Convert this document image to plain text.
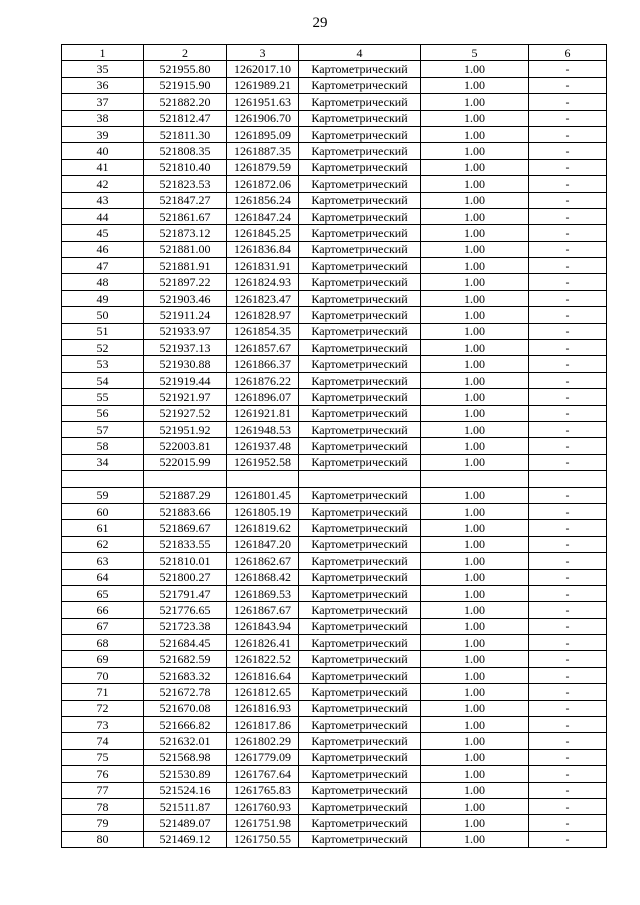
29
1	2	3	4	5	6
35	521955.80	1262017.10	Картометрический	1.00	-
36	521915.90	1261989.21	Картометрический	1.00	-
37	521882.20	1261951.63	Картометрический	1.00	-
38	521812.47	1261906.70	Картометрический	1.00	-
39	521811.30	1261895.09	Картометрический	1.00	-
40	521808.35	1261887.35	Картометрический	1.00	-
41	521810.40	1261879.59	Картометрический	1.00	-
42	521823.53	1261872.06	Картометрический	1.00	-
43	521847.27	1261856.24	Картометрический	1.00	-
44	521861.67	1261847.24	Картометрический	1.00	-
45	521873.12	1261845.25	Картометрический	1.00	-
46	521881.00	1261836.84	Картометрический	1.00	-
47	521881.91	1261831.91	Картометрический	1.00	-
48	521897.22	1261824.93	Картометрический	1.00	-
49	521903.46	1261823.47	Картометрический	1.00	-
50	521911.24	1261828.97	Картометрический	1.00	-
51	521933.97	1261854.35	Картометрический	1.00	-
52	521937.13	1261857.67	Картометрический	1.00	-
53	521930.88	1261866.37	Картометрический	1.00	-
54	521919.44	1261876.22	Картометрический	1.00	-
55	521921.97	1261896.07	Картометрический	1.00	-
56	521927.52	1261921.81	Картометрический	1.00	-
57	521951.92	1261948.53	Картометрический	1.00	-
58	522003.81	1261937.48	Картометрический	1.00	-
34	522015.99	1261952.58	Картометрический	1.00	-

59	521887.29	1261801.45	Картометрический	1.00	-
60	521883.66	1261805.19	Картометрический	1.00	-
61	521869.67	1261819.62	Картометрический	1.00	-
62	521833.55	1261847.20	Картометрический	1.00	-
63	521810.01	1261862.67	Картометрический	1.00	-
64	521800.27	1261868.42	Картометрический	1.00	-
65	521791.47	1261869.53	Картометрический	1.00	-
66	521776.65	1261867.67	Картометрический	1.00	-
67	521723.38	1261843.94	Картометрический	1.00	-
68	521684.45	1261826.41	Картометрический	1.00	-
69	521682.59	1261822.52	Картометрический	1.00	-
70	521683.32	1261816.64	Картометрический	1.00	-
71	521672.78	1261812.65	Картометрический	1.00	-
72	521670.08	1261816.93	Картометрический	1.00	-
73	521666.82	1261817.86	Картометрический	1.00	-
74	521632.01	1261802.29	Картометрический	1.00	-
75	521568.98	1261779.09	Картометрический	1.00	-
76	521530.89	1261767.64	Картометрический	1.00	-
77	521524.16	1261765.83	Картометрический	1.00	-
78	521511.87	1261760.93	Картометрический	1.00	-
79	521489.07	1261751.98	Картометрический	1.00	-
80	521469.12	1261750.55	Картометрический	1.00	-
